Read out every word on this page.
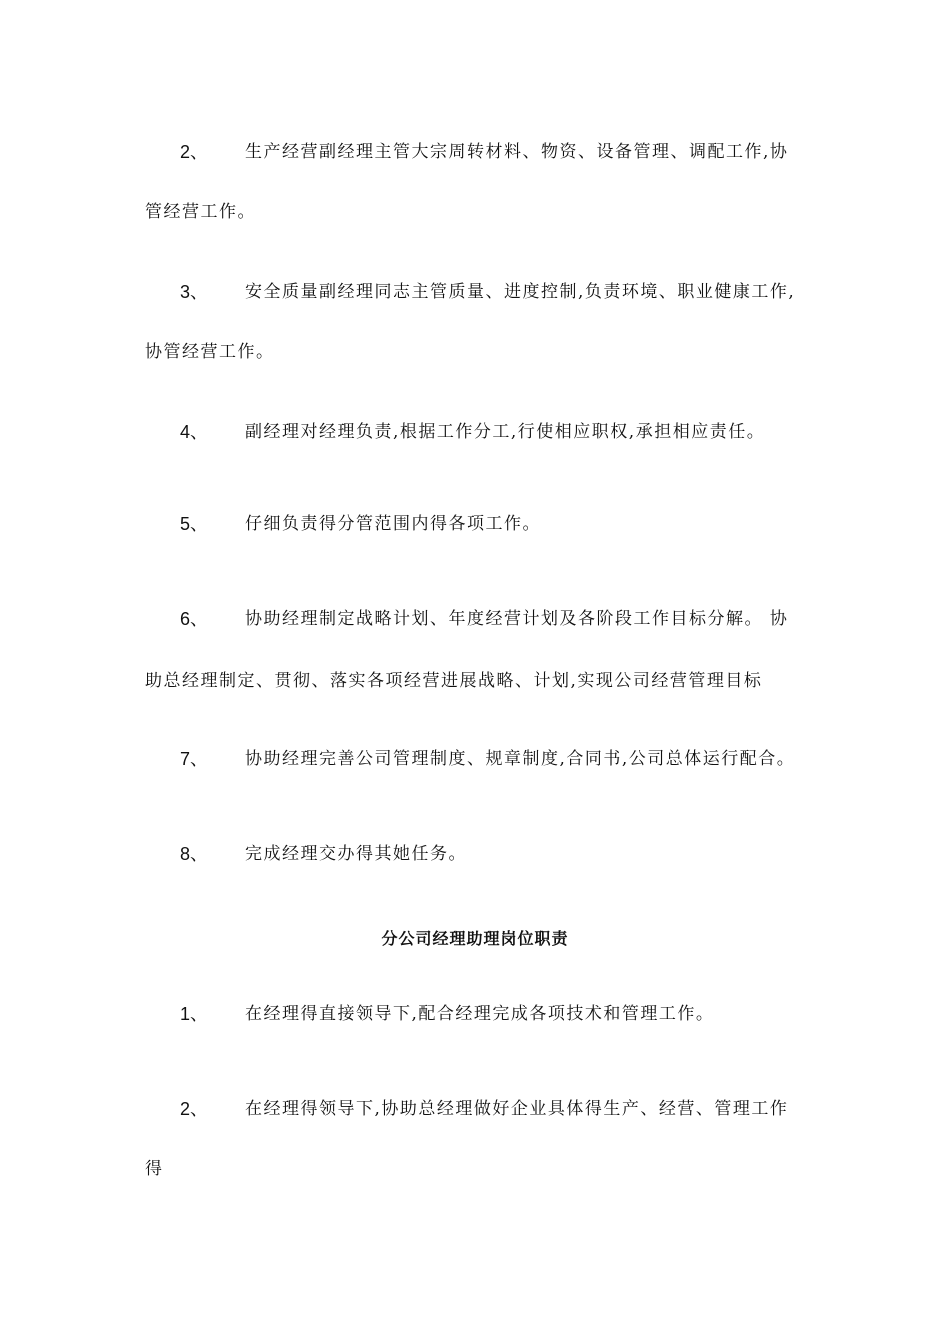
2、 生产经营副经理主管大宗周转材料、物资、设备管理、调配工作,协
管经营工作。
3、 安全质量副经理同志主管质量、进度控制,负责环境、职业健康工作,
协管经营工作。
4、 副经理对经理负责,根据工作分工,行使相应职权,承担相应责任。
5、 仔细负责得分管范围内得各项工作。
6、 协助经理制定战略计划、年度经营计划及各阶段工作目标分解。 协
助总经理制定、贯彻、落实各项经营进展战略、计划,实现公司经营管理目标
7、 协助经理完善公司管理制度、规章制度,合同书,公司总体运行配合。
8、 完成经理交办得其她任务。
分公司经理助理岗位职责
1、 在经理得直接领导下,配合经理完成各项技术和管理工作。
2、 在经理得领导下,协助总经理做好企业具体得生产、经营、管理工作
得
